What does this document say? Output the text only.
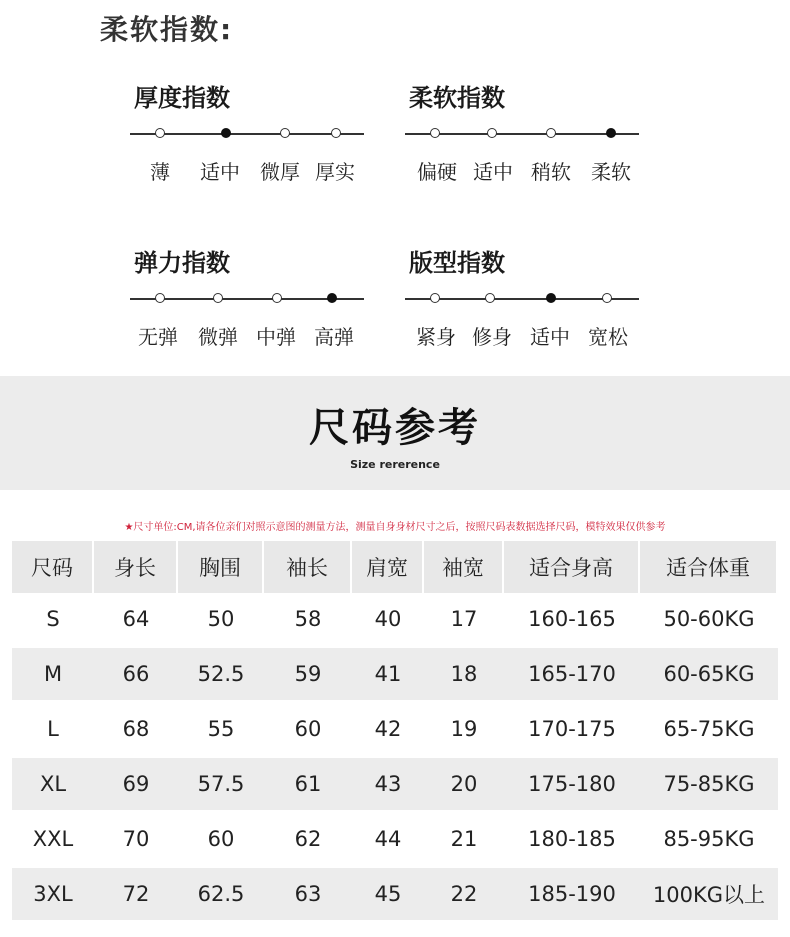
柔软指数:
厚度指数
薄 适中 微厚 厚实
柔软指数
偏硬 适中 稍软 柔软
弹力指数
无弹 微弹 中弹 高弹
版型指数
紧身 修身 适中 宽松
尺码参考
Size rererence
★尺寸单位:CM,请各位亲们对照示意图的测量方法，测量自身身材尺寸之后，按照尺码表数据选择尺码，模特效果仅供参考
尺码	身长	胸围	袖长	肩宽	袖宽	适合身高	适合体重
S	64	50	58	40	17	160-165	50-60KG
M	66	52.5	59	41	18	165-170	60-65KG
L	68	55	60	42	19	170-175	65-75KG
XL	69	57.5	61	43	20	175-180	75-85KG
XXL	70	60	62	44	21	180-185	85-95KG
3XL	72	62.5	63	45	22	185-190	100KG以上
